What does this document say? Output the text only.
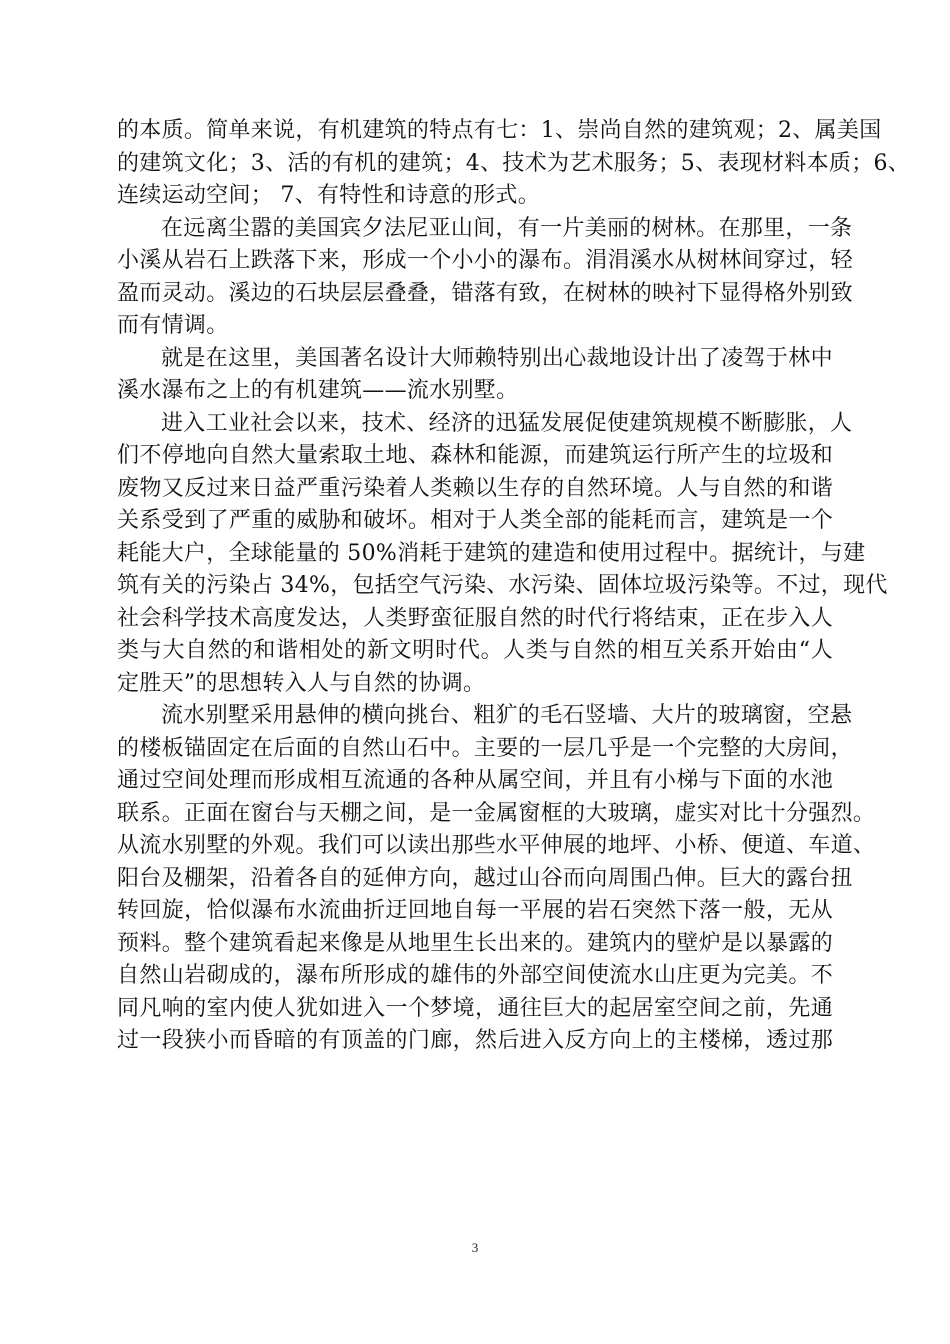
的本质。简单来说，有机建筑的特点有七：1、崇尚自然的建筑观；2、属美国
的建筑文化；3、活的有机的建筑；4、技术为艺术服务；5、表现材料本质；6、
连续运动空间； 7、有特性和诗意的形式。
在远离尘嚣的美国宾夕法尼亚山间，有一片美丽的树林。在那里，一条
小溪从岩石上跌落下来，形成一个小小的瀑布。涓涓溪水从树林间穿过，轻
盈而灵动。溪边的石块层层叠叠，错落有致，在树林的映衬下显得格外别致
而有情调。
就是在这里，美国著名设计大师赖特别出心裁地设计出了凌驾于林中
溪水瀑布之上的有机建筑——流水别墅。
进入工业社会以来，技术、经济的迅猛发展促使建筑规模不断膨胀，人
们不停地向自然大量索取土地、森林和能源，而建筑运行所产生的垃圾和
废物又反过来日益严重污染着人类赖以生存的自然环境。人与自然的和谐
关系受到了严重的威胁和破坏。相对于人类全部的能耗而言，建筑是一个
耗能大户，全球能量的 50%消耗于建筑的建造和使用过程中。据统计，与建
筑有关的污染占 34%，包括空气污染、水污染、固体垃圾污染等。不过，现代
社会科学技术高度发达，人类野蛮征服自然的时代行将结束，正在步入人
类与大自然的和谐相处的新文明时代。人类与自然的相互关系开始由“人
定胜天”的思想转入人与自然的协调。
流水别墅采用悬伸的横向挑台、粗犷的毛石竖墙、大片的玻璃窗，空悬
的楼板锚固定在后面的自然山石中。主要的一层几乎是一个完整的大房间，
通过空间处理而形成相互流通的各种从属空间，并且有小梯与下面的水池
联系。正面在窗台与天棚之间，是一金属窗框的大玻璃，虚实对比十分强烈。
从流水别墅的外观。我们可以读出那些水平伸展的地坪、小桥、便道、车道、
阳台及棚架，沿着各自的延伸方向，越过山谷而向周围凸伸。巨大的露台扭
转回旋，恰似瀑布水流曲折迂回地自每一平展的岩石突然下落一般，无从
预料。整个建筑看起来像是从地里生长出来的。建筑内的壁炉是以暴露的
自然山岩砌成的，瀑布所形成的雄伟的外部空间使流水山庄更为完美。不
同凡响的室内使人犹如进入一个梦境，通往巨大的起居室空间之前，先通
过一段狭小而昏暗的有顶盖的门廊，然后进入反方向上的主楼梯，透过那
3
